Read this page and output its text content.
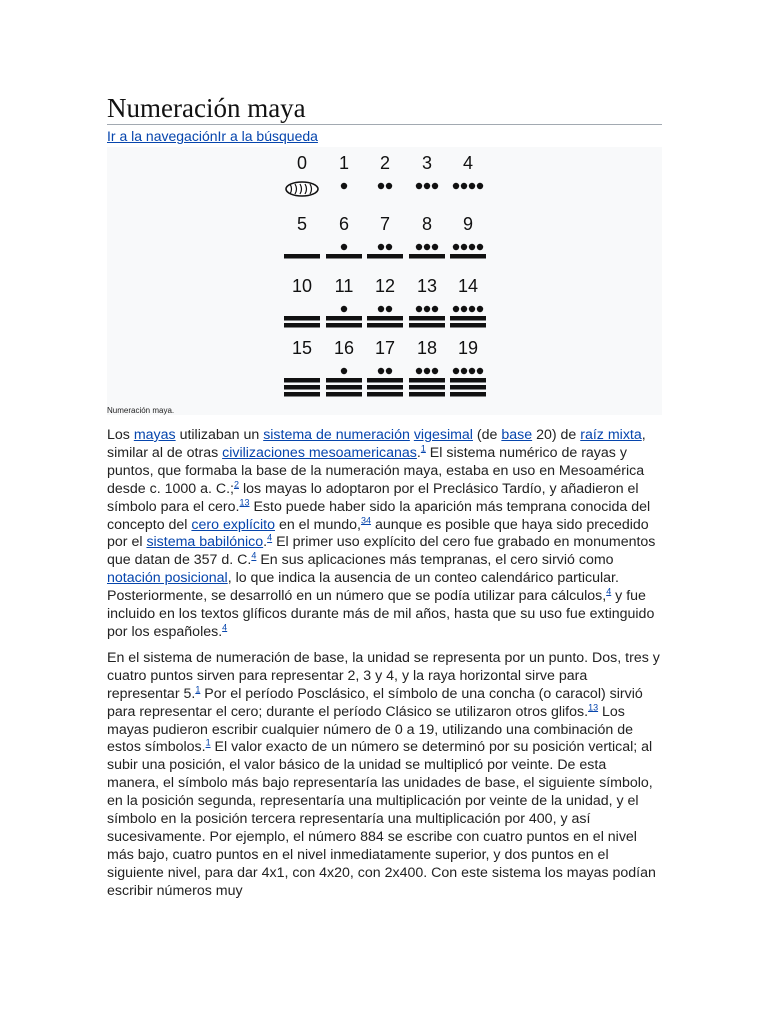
Numeración maya
Ir a la navegaciónIr a la búsqueda
0 1 2 3 4
5 6 7 8 9
10 11 12 13 14
15 16 17 18 19
Numeración maya.

Los mayas utilizaban un sistema de numeración vigesimal (de base 20) de raíz mixta, similar al de otras civilizaciones mesoamericanas.$^1$ El sistema numérico de rayas y puntos, que formaba la base de la numeración maya, estaba en uso en Mesoamérica desde c. 1000 a. C.;$^2$ los mayas lo adoptaron por el Preclásico Tardío, y añadieron el símbolo para el cero.$^{13}$ Esto puede haber sido la aparición más temprana conocida del concepto del cero explícito en el mundo,$^{34}$ aunque es posible que haya sido precedido por el sistema babilónico.$^4$ El primer uso explícito del cero fue grabado en monumentos que datan de 357 d. C.$^4$ En sus aplicaciones más tempranas, el cero sirvió como notación posicional, lo que indica la ausencia de un conteo calendárico particular. Posteriormente, se desarrolló en un número que se podía utilizar para cálculos,$^4$ y fue incluido en los textos glíficos durante más de mil años, hasta que su uso fue extinguido por los españoles.$^4$

En el sistema de numeración de base, la unidad se representa por un punto. Dos, tres y cuatro puntos sirven para representar 2, 3 y 4, y la raya horizontal sirve para representar 5.$^1$ Por el período Posclásico, el símbolo de una concha (o caracol) sirvió para representar el cero; durante el período Clásico se utilizaron otros glifos.$^{13}$ Los mayas pudieron escribir cualquier número de 0 a 19, utilizando una combinación de estos símbolos.$^1$ El valor exacto de un número se determinó por su posición vertical; al subir una posición, el valor básico de la unidad se multiplicó por veinte. De esta manera, el símbolo más bajo representaría las unidades de base, el siguiente símbolo, en la posición segunda, representaría una multiplicación por veinte de la unidad, y el símbolo en la posición tercera representaría una multiplicación por 400, y así sucesivamente. Por ejemplo, el número 884 se escribe con cuatro puntos en el nivel más bajo, cuatro puntos en el nivel inmediatamente superior, y dos puntos en el siguiente nivel, para dar 4x1, con 4x20, con 2x400. Con este sistema los mayas podían escribir números muy
